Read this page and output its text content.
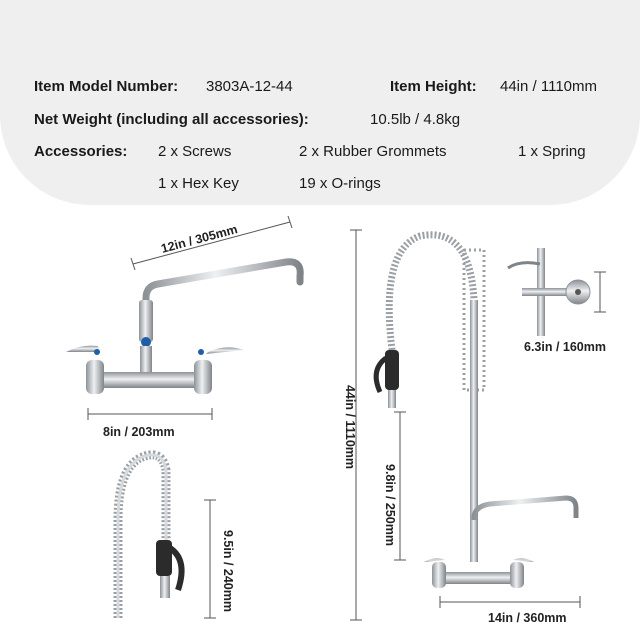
Item Model Number: 3803A-12-44	Item Height: 44in / 1110mm
Net Weight (including all accessories):	10.5lb / 4.8kg
Accessories: 2 x Screws	2 x Rubber Grommets	1 x Spring
1 x Hex Key	19 x O-rings
12in / 305mm
8in / 203mm
6.3in / 160mm
14in / 360mm
44in / 1110mm
9.8in / 250mm
9.5in / 240mm
